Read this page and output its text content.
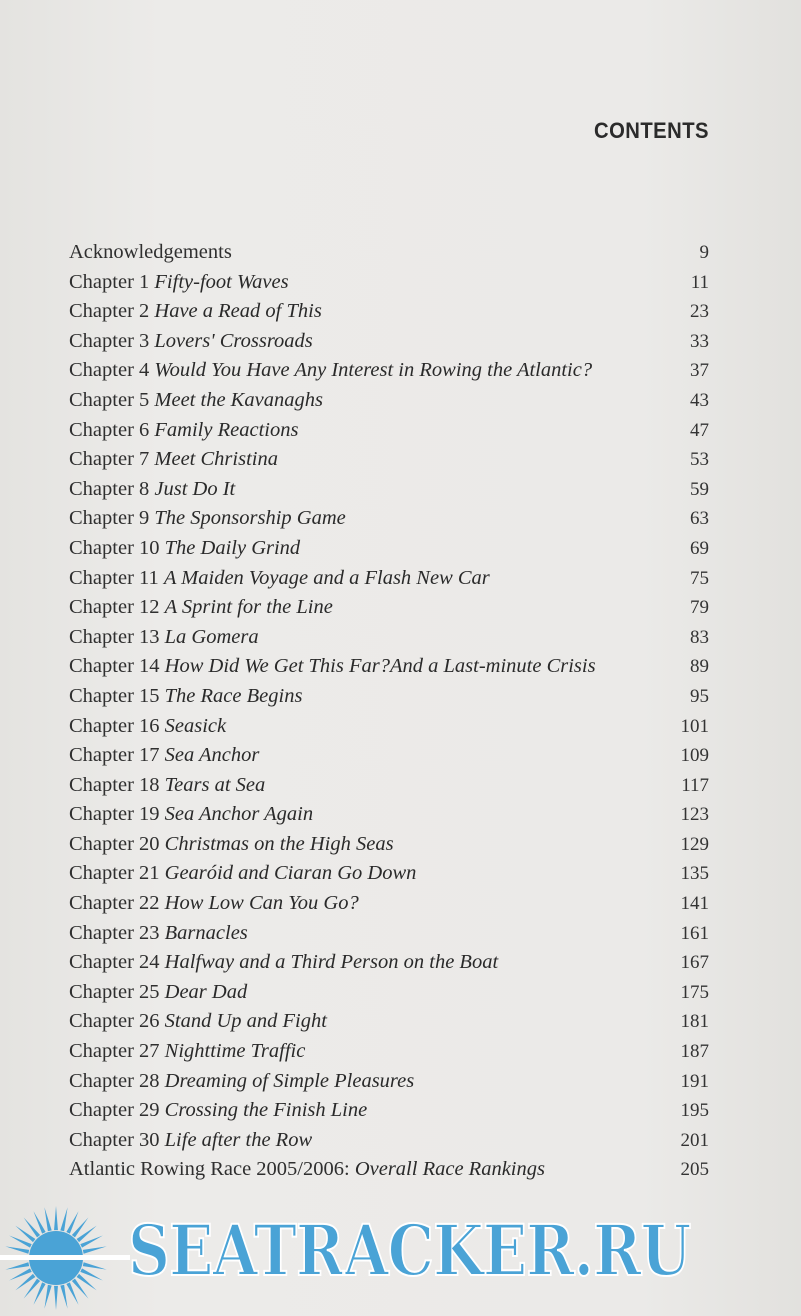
CONTENTS
Acknowledgements	9
Chapter 1 Fifty-foot Waves	11
Chapter 2 Have a Read of This	23
Chapter 3 Lovers' Crossroads	33
Chapter 4 Would You Have Any Interest in Rowing the Atlantic?	37
Chapter 5 Meet the Kavanaghs	43
Chapter 6 Family Reactions	47
Chapter 7 Meet Christina	53
Chapter 8 Just Do It	59
Chapter 9 The Sponsorship Game	63
Chapter 10 The Daily Grind	69
Chapter 11 A Maiden Voyage and a Flash New Car	75
Chapter 12 A Sprint for the Line	79
Chapter 13 La Gomera	83
Chapter 14 How Did We Get This Far?And a Last-minute Crisis	89
Chapter 15 The Race Begins	95
Chapter 16 Seasick	101
Chapter 17 Sea Anchor	109
Chapter 18 Tears at Sea	117
Chapter 19 Sea Anchor Again	123
Chapter 20 Christmas on the High Seas	129
Chapter 21 Gearóid and Ciaran Go Down	135
Chapter 22 How Low Can You Go?	141
Chapter 23 Barnacles	161
Chapter 24 Halfway and a Third Person on the Boat	167
Chapter 25 Dear Dad	175
Chapter 26 Stand Up and Fight	181
Chapter 27 Nighttime Traffic	187
Chapter 28 Dreaming of Simple Pleasures	191
Chapter 29 Crossing the Finish Line	195
Chapter 30 Life after the Row	201
Atlantic Rowing Race 2005/2006: Overall Race Rankings	205
SEATRACKER.RU
